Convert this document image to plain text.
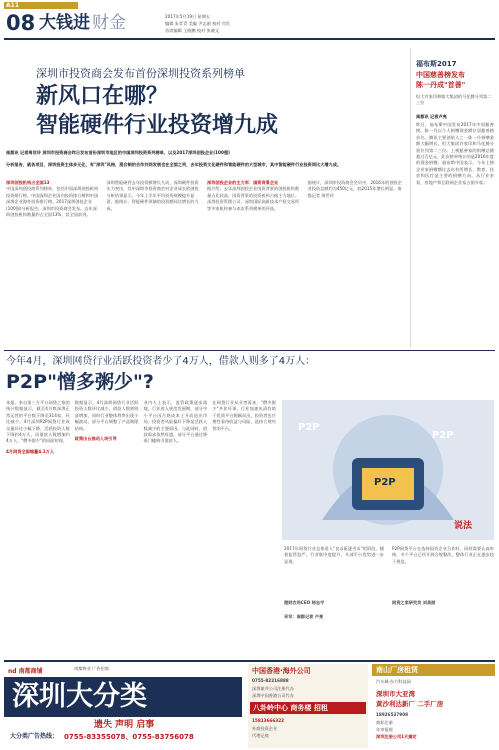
A11
08 大钱进 财金	2017年5月19日 星期五
编辑 朱青青 美编 尹志刚 校对 肖红
首席编辑 王晓鹏 校对 张晓文
深圳市投资商会发布首份深圳投资系列榜单
新风口在哪？
智能硬件行业投资增九成
南都讯 记者周世玲 深圳市投资商会昨日发布首份深圳市地区的中国深圳投资系列榜单，以及2017深圳创投企业(100强)
分析报告，就各项目，深圳投资主体多元化，有"深圳"风格，混合制的合作共同发展也在全面之列，去年投资文化硬件和智能硬件的大型城市，其中智能硬件行业投资同比大增九成。
深圳创投机构占全国13
中国深圳创投商系列榜单，包括中国深圳创投机构投资排行榜，中国深圳企业国内投资排行榜和中国深圳企业海外投资排行榜。2017深圳创投企业(100强)分析报告，深圳市投资商会发布。去年深圳创投机构数量约占全国13%，居全国前列。
深圳智能硬件去年投资额增长九成，深圳硬件投资实力突出，其中深圳市投资商会对企业成长的创投分析结果显示，今年上半年平均投资规模提升显著，据统计，智能硬件领域的投资额同比增长约九成。
深圳创投企业的主力军：国资背景企业
据介绍，去年深圳创投企业国资背景的创投机构数量占比较高，国资背景的投资机构占据主力地位。深圳投资管理公司、深圳国际高新技术产权交易所等多家机构参与本次系列榜单的评选。
据统计，深圳市投资商会会员中，2016年的创投企业投资总额约为450亿元，较2015年增长明显。南都记者 周世玲
福布斯2017
中国慈善榜发布
陈一丹成"首善"
恒大许家印和缩大集团的马化腾分列第二三位
南都讯 记者卢亮
昨日，福布斯中国发布2017年中国慈善榜，陈一丹以个人捐赠现金额位居慈善榜首位。腾讯主要创始人之一陈一丹捐赠金额大幅增长，恒大集团许家印和马化腾分别位列第二三位。上榜慈善家的捐赠总额超过百亿元。此次榜单统计的是2016年度的现金捐赠。福布斯中国表示，今年上榜企业家捐赠额比去年有所增长，教育、扶贫和医疗是主要的捐赠方向。从行业来看，房地产和互联网企业家占据多席。
今年4月，深圳网贷行业活跃投资者少了4万人，借款人则多了4万人：
P2P"憎多粥少"?
本报，来自第三方平台网贷之家的统计数据显示，截至4月底深圳正常运营的平台数下降至314家，环比减少，4月深圳P2P网贷行业成交量环比小幅下降。活跃投资人数下降约4万人，而借款人数增加约4万人，"僧多粥少"的局面初现。
4月网贷全国缩量4.1万人
数据显示，4月深圳网贷行业活跃投资人数环比减少，借款人数则明显增加，同时行业整体利率出现小幅波动，部分平台调整了产品期限结构。
政策出台推动入场引导
业内人士表示，监管政策逐步落地，行业进入规范发展期，部分中小平台因合规成本上升而退出市场，投资者风险偏好下降是活跃人数减少的主要原因。与此同时，借款需求依然旺盛，部分平台通过降低门槛吸引借款人。
在网贷行业从业者看来，"僧多粥少"并非坏事，行业加速出清有助于优质平台脱颖而出，投资者也应理性看待收益与风险，选择合规经营的平台。	P2P
P2P
P2P
说法
2017年网贷行业总体进入"良币驱逐劣币"的阶段，随着监管趋严，行业集中度提升，头部平台优势进一步显现。
理财农场CEO 杨志宇
P2P网贷平台在选择国资企业合作时，同样需要认真审核，多个平台已经开展合规整改，整体行业正在逐步趋于规范。
网贷之家研究员 刘美丽
采写：南都记者 卢亮
nd 南都商铺	南都物业 广告招商
深圳大分类
遗失 声明 启事
大分类广告热线： 0755-83355078、0755-83756078
中国香港·海外公司
0755-82216888
深圳兼并公司注册代办
深圳中国香港公司代办
八卦岭中心 商务楼 招租
15813666322
外商投资企业
代理记账
南山厂房租赁
汽车城·东方科技园
深圳市大亚湾
黄沙利达新厂 二手厂房
18926527908
商标注册
年审报税
深圳注册公司1天搞定
